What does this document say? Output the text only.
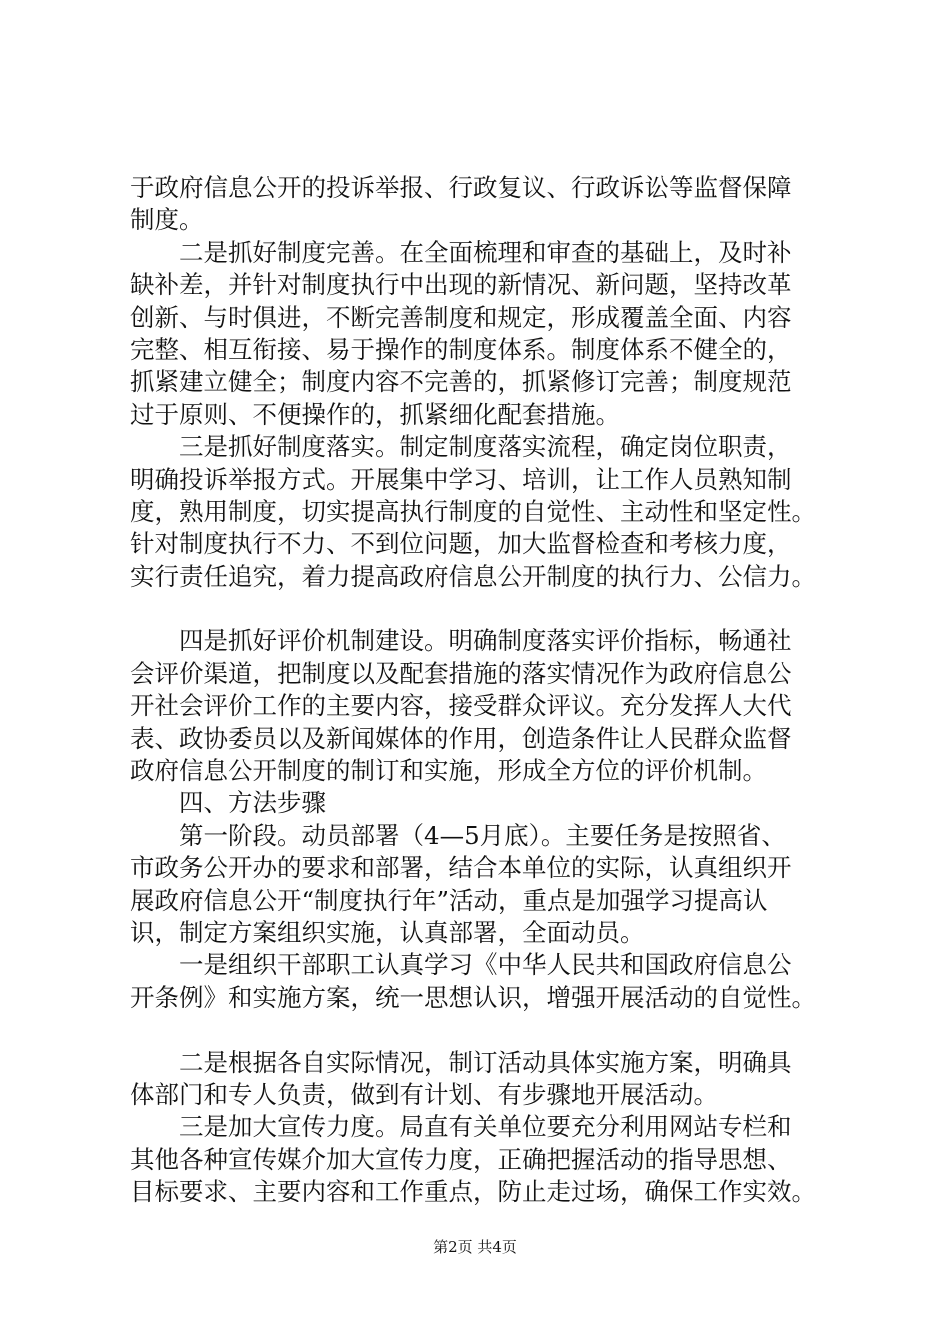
于政府信息公开的投诉举报、行政复议、行政诉讼等监督保障
制度。
二是抓好制度完善。在全面梳理和审查的基础上，及时补
缺补差，并针对制度执行中出现的新情况、新问题，坚持改革
创新、与时俱进，不断完善制度和规定，形成覆盖全面、内容
完整、相互衔接、易于操作的制度体系。制度体系不健全的，
抓紧建立健全；制度内容不完善的，抓紧修订完善；制度规范
过于原则、不便操作的，抓紧细化配套措施。
三是抓好制度落实。制定制度落实流程，确定岗位职责，
明确投诉举报方式。开展集中学习、培训，让工作人员熟知制
度，熟用制度，切实提高执行制度的自觉性、主动性和坚定性。
针对制度执行不力、不到位问题，加大监督检查和考核力度，
实行责任追究，着力提高政府信息公开制度的执行力、公信力。
四是抓好评价机制建设。明确制度落实评价指标，畅通社
会评价渠道，把制度以及配套措施的落实情况作为政府信息公
开社会评价工作的主要内容，接受群众评议。充分发挥人大代
表、政协委员以及新闻媒体的作用，创造条件让人民群众监督
政府信息公开制度的制订和实施，形成全方位的评价机制。
四、方法步骤
第一阶段。动员部署（4—5月底）。主要任务是按照省、
市政务公开办的要求和部署，结合本单位的实际，认真组织开
展政府信息公开“制度执行年”活动，重点是加强学习提高认
识，制定方案组织实施，认真部署，全面动员。
一是组织干部职工认真学习《中华人民共和国政府信息公
开条例》和实施方案，统一思想认识，增强开展活动的自觉性。
二是根据各自实际情况，制订活动具体实施方案，明确具
体部门和专人负责，做到有计划、有步骤地开展活动。
三是加大宣传力度。局直有关单位要充分利用网站专栏和
其他各种宣传媒介加大宣传力度，正确把握活动的指导思想、
目标要求、主要内容和工作重点，防止走过场，确保工作实效。
第2页 共4页
